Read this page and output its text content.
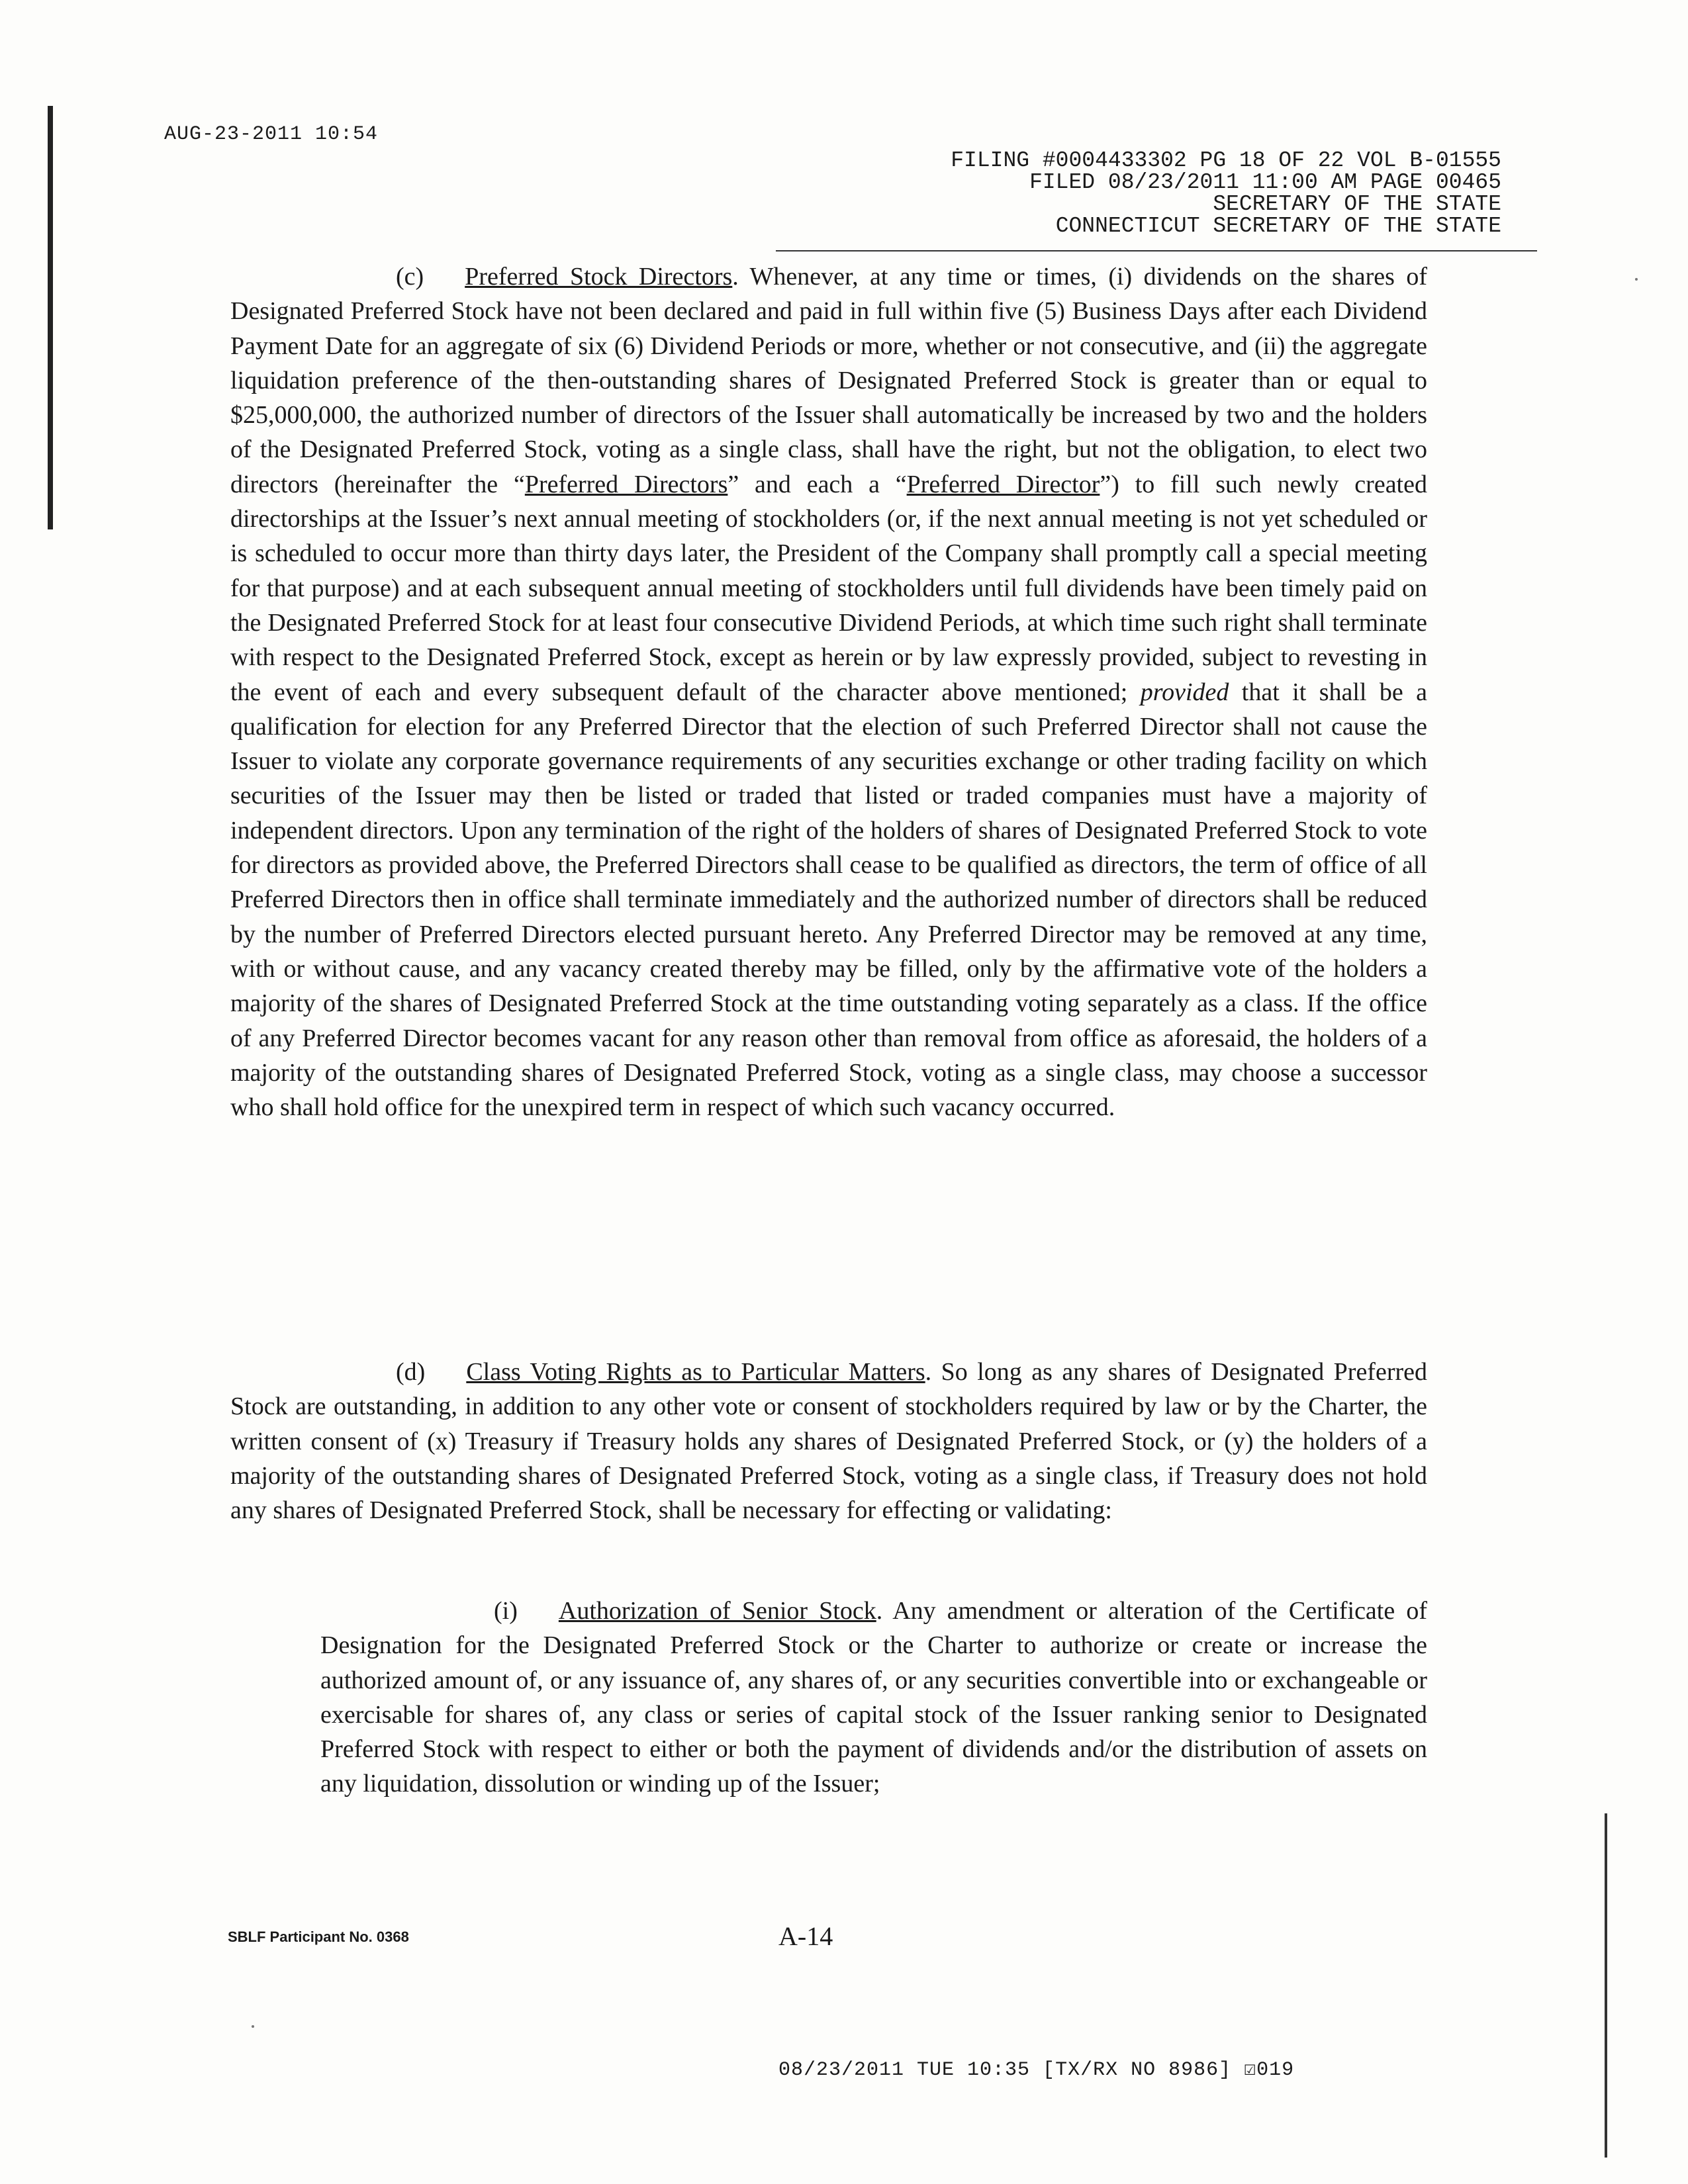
AUG-23-2011 10:54
FILING #0004433302 PG 18 OF 22 VOL B-01555
FILED 08/23/2011 11:00 AM PAGE 00465
SECRETARY OF THE STATE
CONNECTICUT SECRETARY OF THE STATE
(c) Preferred Stock Directors. Whenever, at any time or times, (i) dividends on the shares of Designated Preferred Stock have not been declared and paid in full within five (5) Business Days after each Dividend Payment Date for an aggregate of six (6) Dividend Periods or more, whether or not consecutive, and (ii) the aggregate liquidation preference of the then-outstanding shares of Designated Preferred Stock is greater than or equal to $25,000,000, the authorized number of directors of the Issuer shall automatically be increased by two and the holders of the Designated Preferred Stock, voting as a single class, shall have the right, but not the obligation, to elect two directors (hereinafter the “Preferred Directors” and each a “Preferred Director”) to fill such newly created directorships at the Issuer’s next annual meeting of stockholders (or, if the next annual meeting is not yet scheduled or is scheduled to occur more than thirty days later, the President of the Company shall promptly call a special meeting for that purpose) and at each subsequent annual meeting of stockholders until full dividends have been timely paid on the Designated Preferred Stock for at least four consecutive Dividend Periods, at which time such right shall terminate with respect to the Designated Preferred Stock, except as herein or by law expressly provided, subject to revesting in the event of each and every subsequent default of the character above mentioned; provided that it shall be a qualification for election for any Preferred Director that the election of such Preferred Director shall not cause the Issuer to violate any corporate governance requirements of any securities exchange or other trading facility on which securities of the Issuer may then be listed or traded that listed or traded companies must have a majority of independent directors. Upon any termination of the right of the holders of shares of Designated Preferred Stock to vote for directors as provided above, the Preferred Directors shall cease to be qualified as directors, the term of office of all Preferred Directors then in office shall terminate immediately and the authorized number of directors shall be reduced by the number of Preferred Directors elected pursuant hereto. Any Preferred Director may be removed at any time, with or without cause, and any vacancy created thereby may be filled, only by the affirmative vote of the holders a majority of the shares of Designated Preferred Stock at the time outstanding voting separately as a class. If the office of any Preferred Director becomes vacant for any reason other than removal from office as aforesaid, the holders of a majority of the outstanding shares of Designated Preferred Stock, voting as a single class, may choose a successor who shall hold office for the unexpired term in respect of which such vacancy occurred.
(d) Class Voting Rights as to Particular Matters. So long as any shares of Designated Preferred Stock are outstanding, in addition to any other vote or consent of stockholders required by law or by the Charter, the written consent of (x) Treasury if Treasury holds any shares of Designated Preferred Stock, or (y) the holders of a majority of the outstanding shares of Designated Preferred Stock, voting as a single class, if Treasury does not hold any shares of Designated Preferred Stock, shall be necessary for effecting or validating:
(i) Authorization of Senior Stock. Any amendment or alteration of the Certificate of Designation for the Designated Preferred Stock or the Charter to authorize or create or increase the authorized amount of, or any issuance of, any shares of, or any securities convertible into or exchangeable or exercisable for shares of, any class or series of capital stock of the Issuer ranking senior to Designated Preferred Stock with respect to either or both the payment of dividends and/or the distribution of assets on any liquidation, dissolution or winding up of the Issuer;
SBLF Participant No. 0368	A-14
08/23/2011 TUE 10:35 [TX/RX NO 8986] ☑019
